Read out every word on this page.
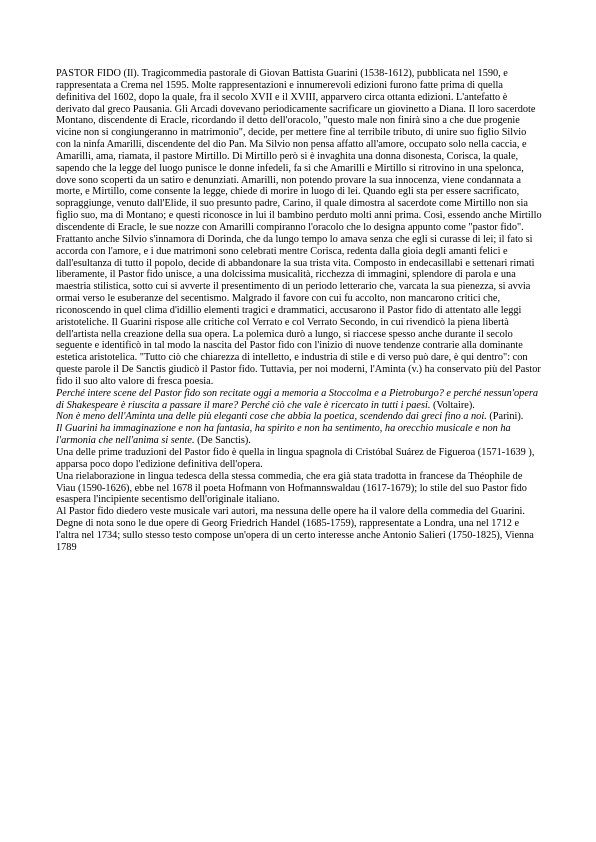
PASTOR FIDO (Il). Tragicommedia pastorale di Giovan Battista Guarini (1538-1612), pubblicata nel 1590, e rappresentata a Crema nel 1595. Molte rappresentazioni e innumerevoli edizioni furono fatte prima di quella definitiva del 1602, dopo la quale, fra il secolo XVII e il XVIII, apparvero circa ottanta edizioni. L'antefatto è derivato dal greco Pausania. Gli Arcadi dovevano periodicamente sacrificare un giovinetto a Diana. Il loro sacerdote Montano, discendente di Eracle, ricordando il detto dell'oracolo, "questo male non finirà sino a che due progenie vicine non si congiungeranno in matrimonio", decide, per mettere fine al terribile tributo, di unire suo figlio Silvio con la ninfa Amarilli, discendente del dio Pan. Ma Silvio non pensa affatto all'amore, occupato solo nella caccia, e Amarilli, ama, riamata, il pastore Mirtillo. Di Mirtillo però si è invaghita una donna disonesta, Corisca, la quale, sapendo che la legge del luogo punisce le donne infedeli, fa sì che Amarilli e Mirtillo si ritrovino in una spelonca, dove sono scoperti da un satiro e denunziati. Amarilli, non potendo provare la sua innocenza, viene condannata a morte, e Mirtillo, come consente la legge, chiede di morire in luogo di lei. Quando egli sta per essere sacrificato, sopraggiunge, venuto dall'Elide, il suo presunto padre, Carino, il quale dimostra al sacerdote come Mirtillo non sia figlio suo, ma di Montano; e questi riconosce in lui il bambino perduto molti anni prima. Così, essendo anche Mirtillo discendente di Eracle, le sue nozze con Amarilli compiranno l'oracolo che lo designa appunto come "pastor fido". Frattanto anche Silvio s'innamora di Dorinda, che da lungo tempo lo amava senza che egli si curasse di lei; il fato si accorda con l'amore, e i due matrimoni sono celebrati mentre Corisca, redenta dalla gioia degli amanti felici e dall'esultanza di tutto il popolo, decide di abbandonare la sua trista vita. Composto in endecasillabi e settenari rimati liberamente, il Pastor fido unisce, a una dolcissima musicalità, ricchezza di immagini, splendore di parola e una maestria stilistica, sotto cui si avverte il presentimento di un periodo letterario che, varcata la sua pienezza, si avvia ormai verso le esuberanze del secentismo. Malgrado il favore con cui fu accolto, non mancarono critici che, riconoscendo in quel clima d'idillio elementi tragici e drammatici, accusarono il Pastor fido di attentato alle leggi aristoteliche. Il Guarini rispose alle critiche col Verrato e col Verrato Secondo, in cui rivendicò la piena libertà dell'artista nella creazione della sua opera. La polemica durò a lungo, si riaccese spesso anche durante il secolo seguente e identificò in tal modo la nascita del Pastor fido con l'inizio di nuove tendenze contrarie alla dominante estetica aristotelica. "Tutto ciò che chiarezza di intelletto, e industria di stile e di verso può dare, è qui dentro": con queste parole il De Sanctis giudicò il Pastor fido. Tuttavia, per noi moderni, l'Aminta (v.) ha conservato più del Pastor fido il suo alto valore di fresca poesia.

Perché intere scene del Pastor fido son recitate oggi a memoria a Stoccolma e a Pietroburgo? e perché nessun'opera di Shakespeare è riuscita a passare il mare? Perché ciò che vale è ricercato in tutti i paesi. (Voltaire).

Non è meno dell'Aminta una delle più eleganti cose che abbia la poetica, scendendo dai greci fino a noi. (Parini).

Il Guarini ha immaginazione e non ha fantasia, ha spirito e non ha sentimento, ha orecchio musicale e non ha l'armonia che nell'anima si sente. (De Sanctis).

Una delle prime traduzioni del Pastor fido è quella in lingua spagnola di Cristóbal Suárez de Figueroa (1571-1639 ), apparsa poco dopo l'edizione definitiva dell'opera.

Una rielaborazione in lingua tedesca della stessa commedia, che era già stata tradotta in francese da Théophile de Viau (1590-1626), ebbe nel 1678 il poeta Hofmann von Hofmannswaldau (1617-1679); lo stile del suo Pastor fido esaspera l'incipiente secentismo dell'originale italiano.

Al Pastor fido diedero veste musicale vari autori, ma nessuna delle opere ha il valore della commedia del Guarini. Degne di nota sono le due opere di Georg Friedrich Handel (1685-1759), rappresentate a Londra, una nel 1712 e l'altra nel 1734; sullo stesso testo compose un'opera di un certo interesse anche Antonio Salieri (1750-1825), Vienna 1789
